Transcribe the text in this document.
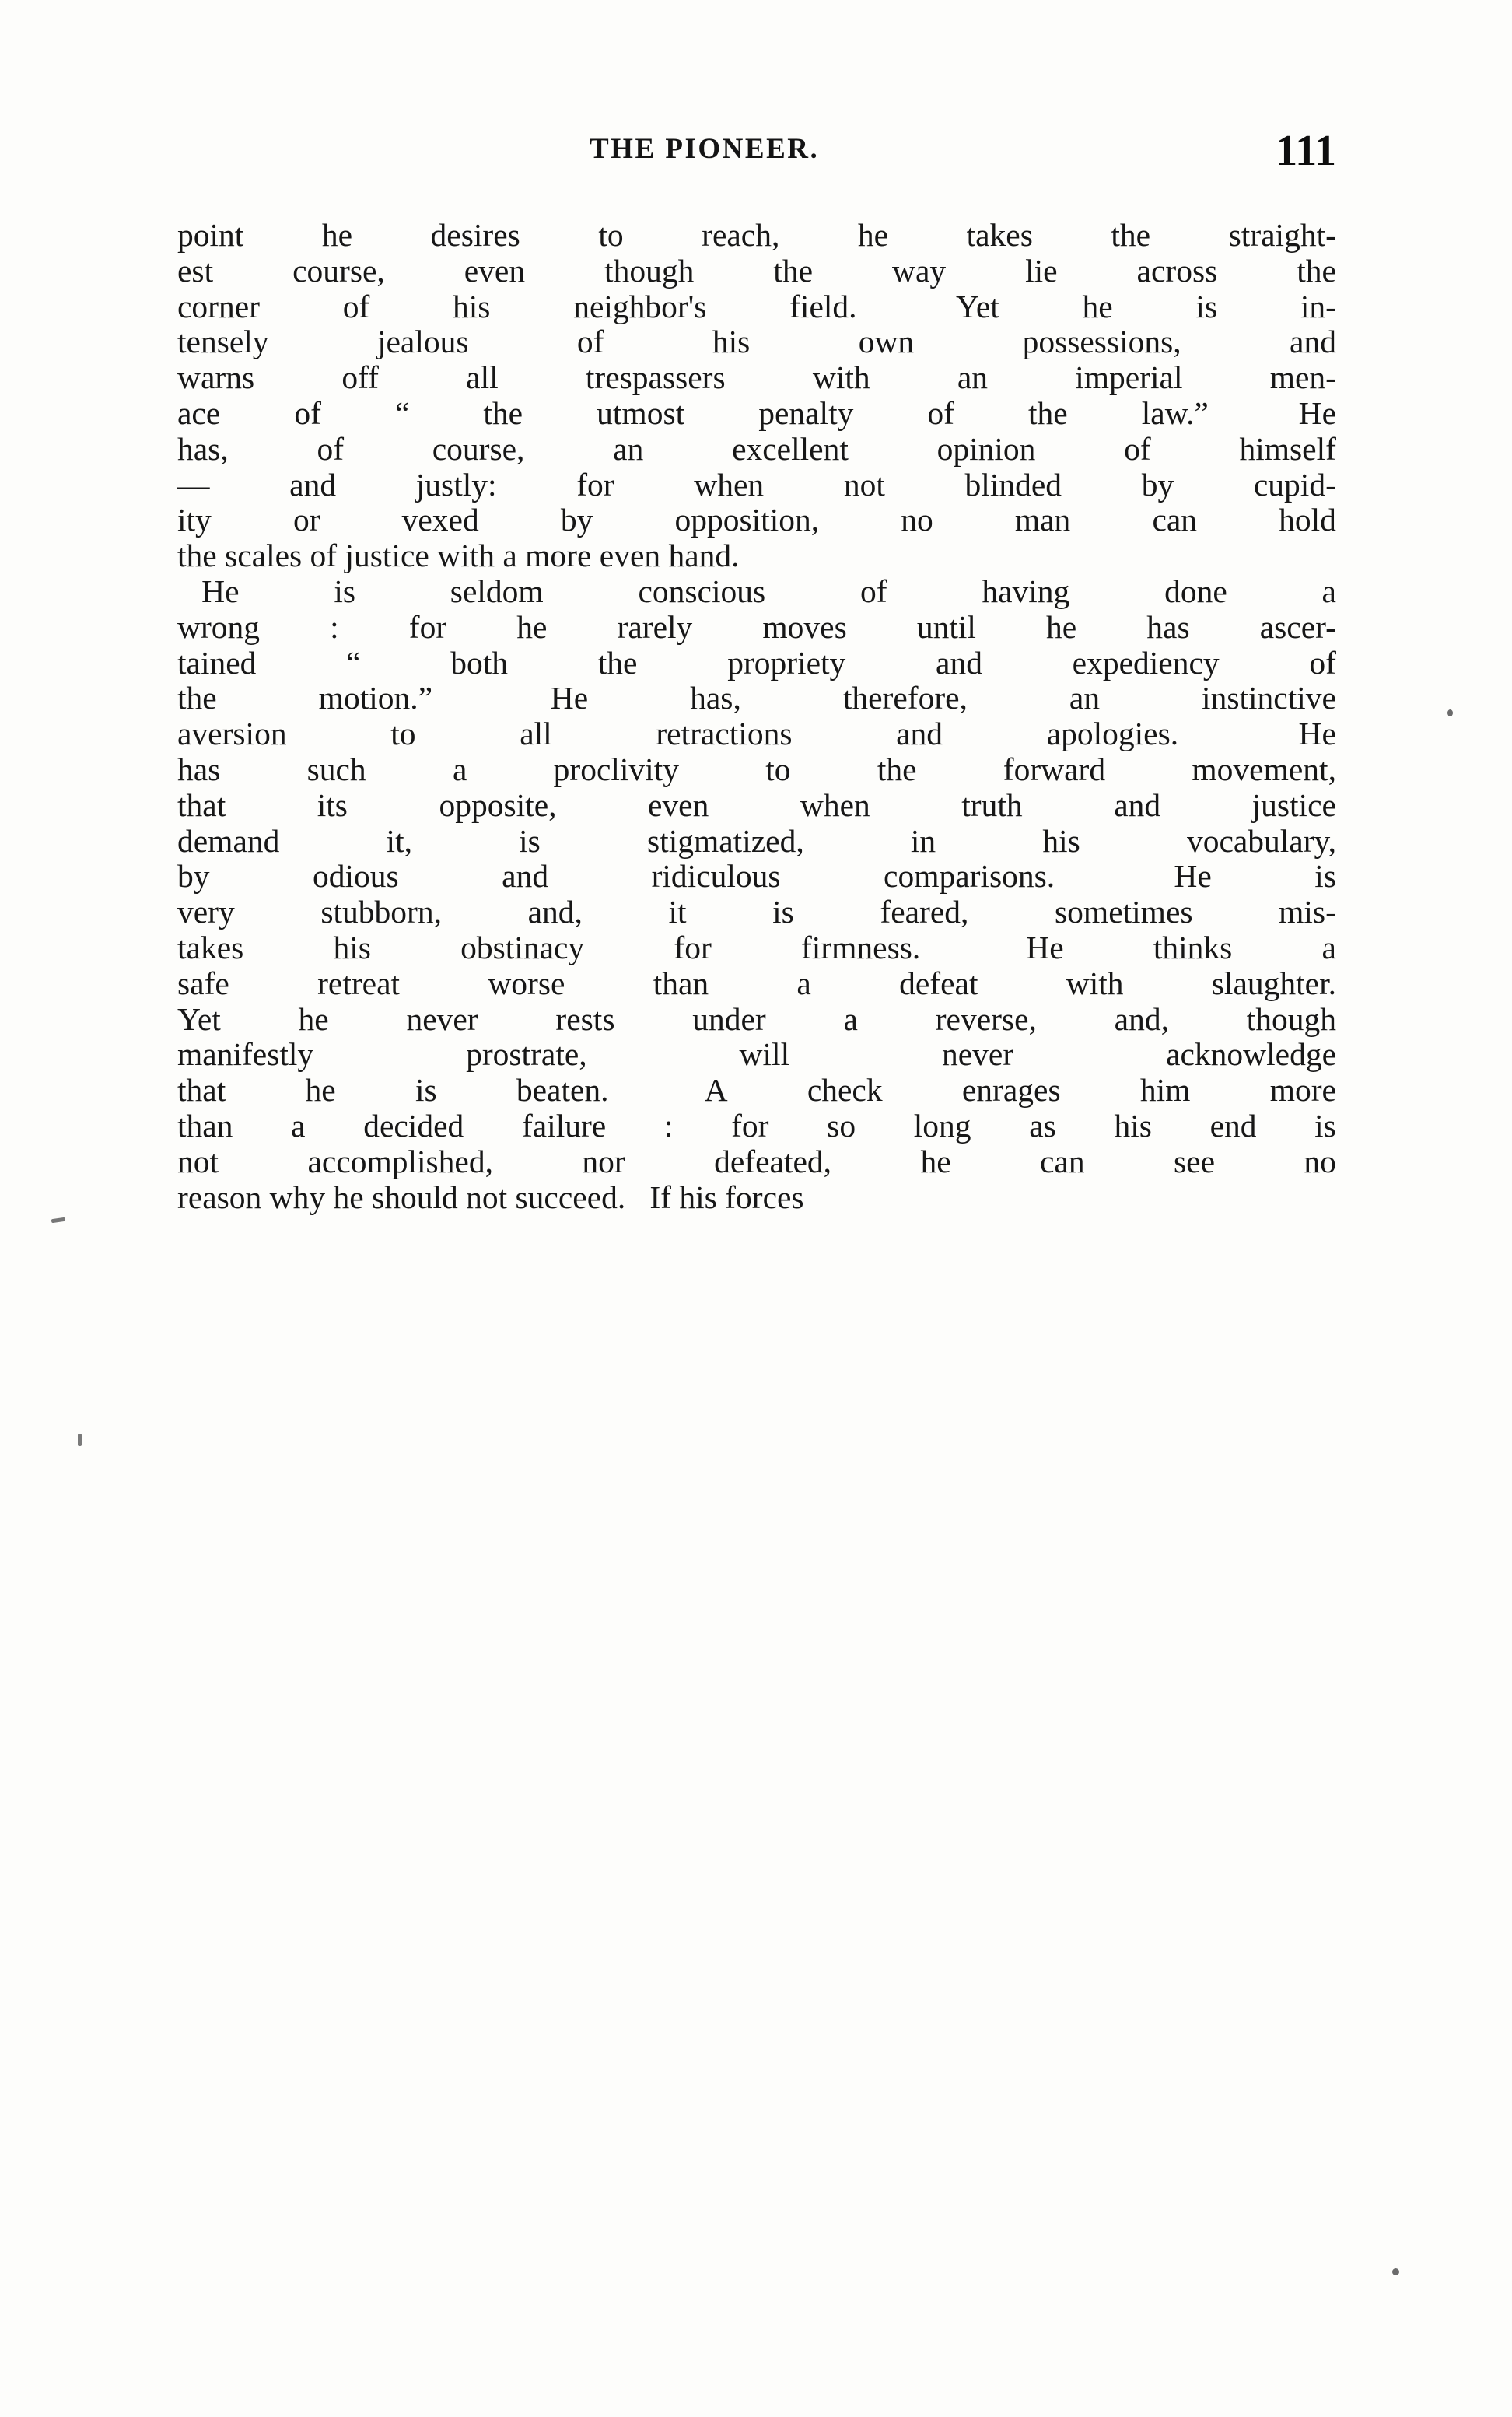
THE PIONEER.	111
point he desires to reach, he takes the straight-
est course, even though the way lie across the
corner	of	his	neighbor's	field.	Yet	he	is	in-
tensely	jealous	of	his	own	possessions,	and
warns	off	all	trespassers	with	an	imperial	men-
ace of “ the utmost penalty of the law.” He
has,	of	course,	an	excellent	opinion	of	himself
— and justly: for when not blinded by cupid-
ity	or	vexed	by	opposition,	no	man	can	hold
the scales of justice with a more even hand.
He	is	seldom	conscious	of	having	done	a
wrong : for he rarely moves until he has ascer-
tained	“	both	the	propriety	and	expediency	of
the	motion.”	He	has,	therefore,	an	instinctive
aversion	to	all	retractions	and	apologies.	He
has	such	a	proclivity	to	the	forward	movement,
that	its	opposite,	even	when	truth	and	justice
demand	it,	is	stigmatized,	in	his	vocabulary,
by	odious	and	ridiculous	comparisons.	He	is
very	stubborn,	and,	it	is	feared,	sometimes	mis-
takes	his	obstinacy	for	firmness.	He	thinks	a
safe	retreat	worse	than	a	defeat	with	slaughter.
Yet he never rests under a reverse, and, though
manifestly	prostrate,	will	never	acknowledge
that he is beaten. A check enrages him more
than a decided failure : for so long as his end is
not	accomplished,	nor	defeated,	he	can	see	no
reason why he should not succeed.   If his forces
